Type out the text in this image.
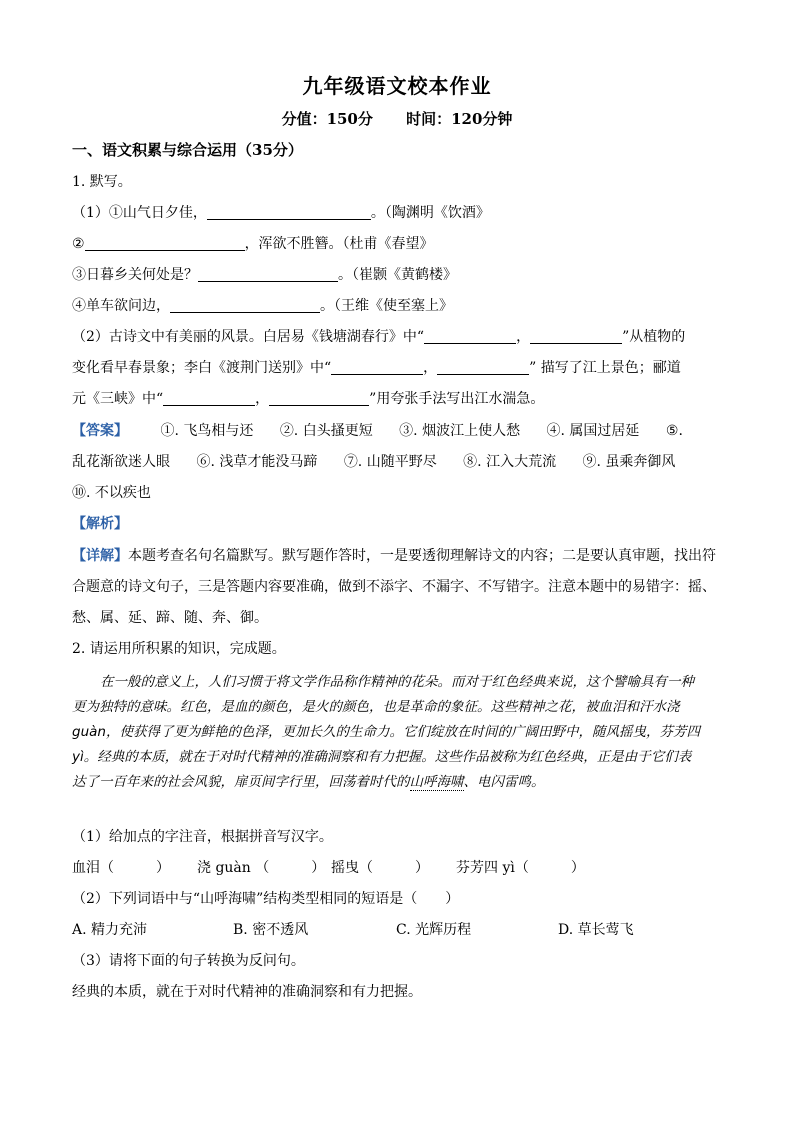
九年级语文校本作业
分值：150分 时间：120分钟
一、语文积累与综合运用（35分）
1. 默写。
（1）①山气日夕佳，	。（陶渊明《饮酒》
②	，浑欲不胜簪。（杜甫《春望》
③日暮乡关何处是？	。（崔颢《黄鹤楼》
④单车欲问边，	。（王维《使至塞上》
（2）古诗文中有美丽的风景。白居易《钱塘湖春行》中“	，	”从植物的
变化看早春景象；李白《渡荆门送别》中“	，	” 描写了江上景色；郦道
元《三峡》中“	，	”用夸张手法写出江水湍急。
【答案】 ①. 飞鸟相与还 ②. 白头搔更短 ③. 烟波江上使人愁 ④. 属国过居延 ⑤.
乱花渐欲迷人眼 ⑥. 浅草才能没马蹄 ⑦. 山随平野尽 ⑧. 江入大荒流 ⑨. 虽乘奔御风
⑩. 不以疾也
【解析】
【详解】本题考查名句名篇默写。默写题作答时，一是要透彻理解诗文的内容；二是要认真审题，找出符
合题意的诗文句子，三是答题内容要准确，做到不添字、不漏字、不写错字。注意本题中的易错字：摇、
愁、属、延、蹄、随、奔、御。
2. 请运用所积累的知识，完成题。
在一般的意义上，人们习惯于将文学作品称作精神的花朵。而对于红色经典来说，这个譬喻具有一种
更为独特的意味。红色，是血的颜色，是火的颜色，也是革命的象征。这些精神之花，被血泪和汗水浇
guàn，使获得了更为鲜艳的色泽，更加长久的生命力。它们绽放在时间的广阔田野中，随风摇曳，芬芳四
yì。经典的本质，就在于对时代精神的准确洞察和有力把握。这些作品被称为红色经典，正是由于它们表
达了一百年来的社会风貌，扉页间字行里，回荡着时代的山呼海啸、电闪雷鸣。
（1）给加点的字注音，根据拼音写汉字。
血泪（	） 浇 guàn （	） 摇曳（	） 芬芳四 yì（	）
（2）下列词语中与“山呼海啸”结构类型相同的短语是（　　）
A. 精力充沛	B. 密不透风	C. 光辉历程	D. 草长莺飞
（3）请将下面的句子转换为反问句。
经典的本质，就在于对时代精神的准确洞察和有力把握。
